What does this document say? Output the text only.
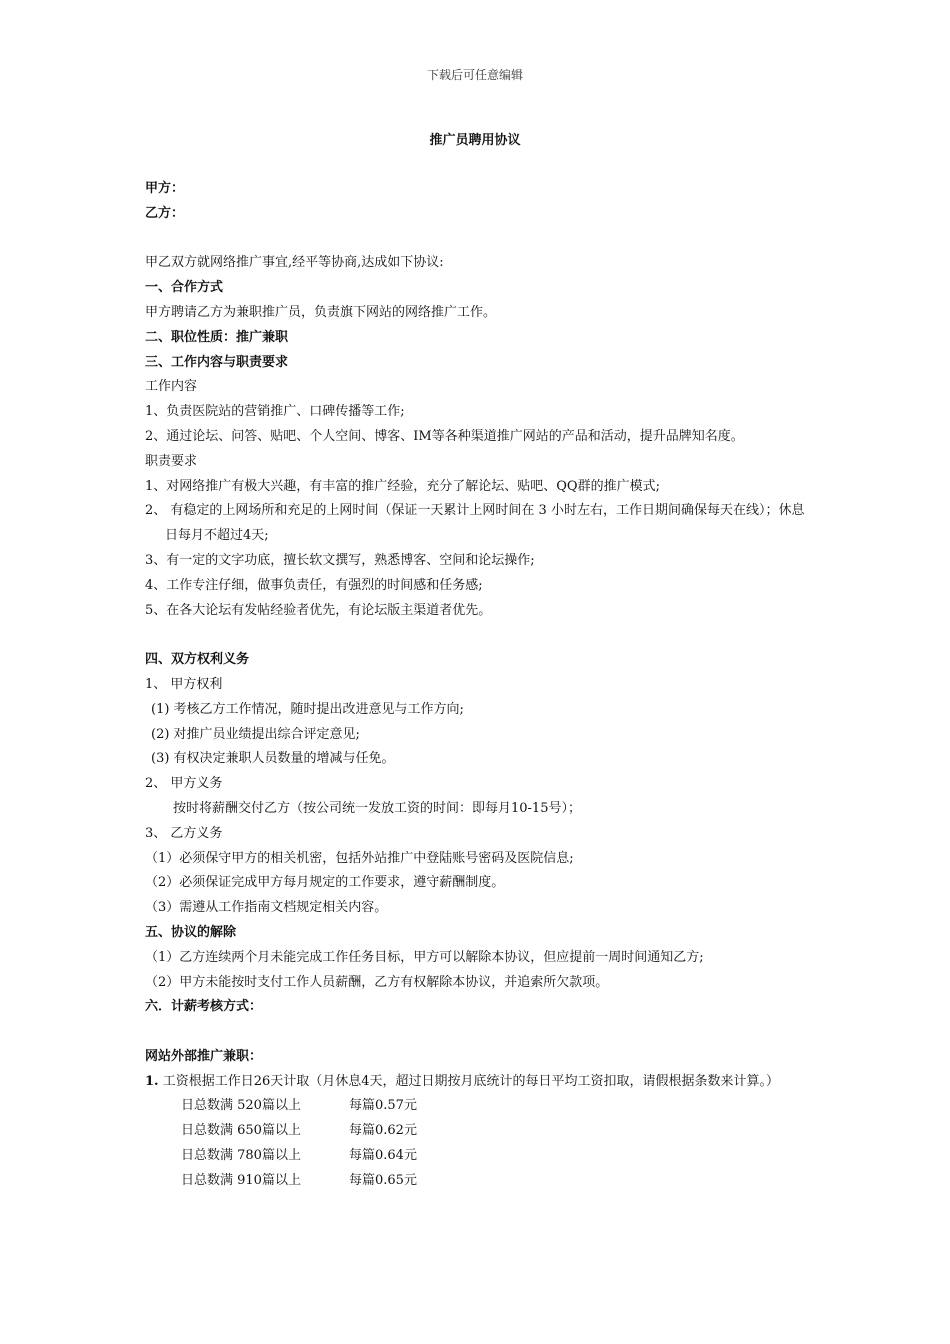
下载后可任意编辑
推广员聘用协议
甲方：
乙方：
甲乙双方就网络推广事宜,经平等协商,达成如下协议:
一、合作方式
甲方聘请乙方为兼职推广员，负责旗下网站的网络推广工作。
二、职位性质：推广兼职
三、工作内容与职责要求
工作内容
1、负责医院站的营销推广、口碑传播等工作;
2、通过论坛、问答、贴吧、个人空间、博客、IM等各种渠道推广网站的产品和活动，提升品牌知名度。
职责要求
1、对网络推广有极大兴趣，有丰富的推广经验，充分了解论坛、贴吧、QQ群的推广模式;
2、 有稳定的上网场所和充足的上网时间（保证一天累计上网时间在 3 小时左右，工作日期间确保每天在线）；休息日每月不超过4天;
3、有一定的文字功底，擅长软文撰写，熟悉博客、空间和论坛操作;
4、工作专注仔细，做事负责任，有强烈的时间感和任务感;
5、在各大论坛有发帖经验者优先，有论坛版主渠道者优先。
四、双方权利义务
1、 甲方权利
(1) 考核乙方工作情况，随时提出改进意见与工作方向;
(2) 对推广员业绩提出综合评定意见;
(3) 有权决定兼职人员数量的增减与任免。
2、 甲方义务
按时将薪酬交付乙方（按公司统一发放工资的时间：即每月10-15号）；
3、 乙方义务
（1）必须保守甲方的相关机密，包括外站推广中登陆账号密码及医院信息;
（2）必须保证完成甲方每月规定的工作要求，遵守薪酬制度。
（3）需遵从工作指南文档规定相关内容。
五、协议的解除
（1）乙方连续两个月未能完成工作任务目标，甲方可以解除本协议，但应提前一周时间通知乙方;
（2）甲方未能按时支付工作人员薪酬，乙方有权解除本协议，并追索所欠款项。
六．计薪考核方式：
网站外部推广兼职：
1. 工资根据工作日26天计取（月休息4天，超过日期按月底统计的每日平均工资扣取，请假根据条数来计算。）
日总数满 520篇以上	每篇0.57元
日总数满 650篇以上	每篇0.62元
日总数满 780篇以上	每篇0.64元
日总数满 910篇以上	每篇0.65元
